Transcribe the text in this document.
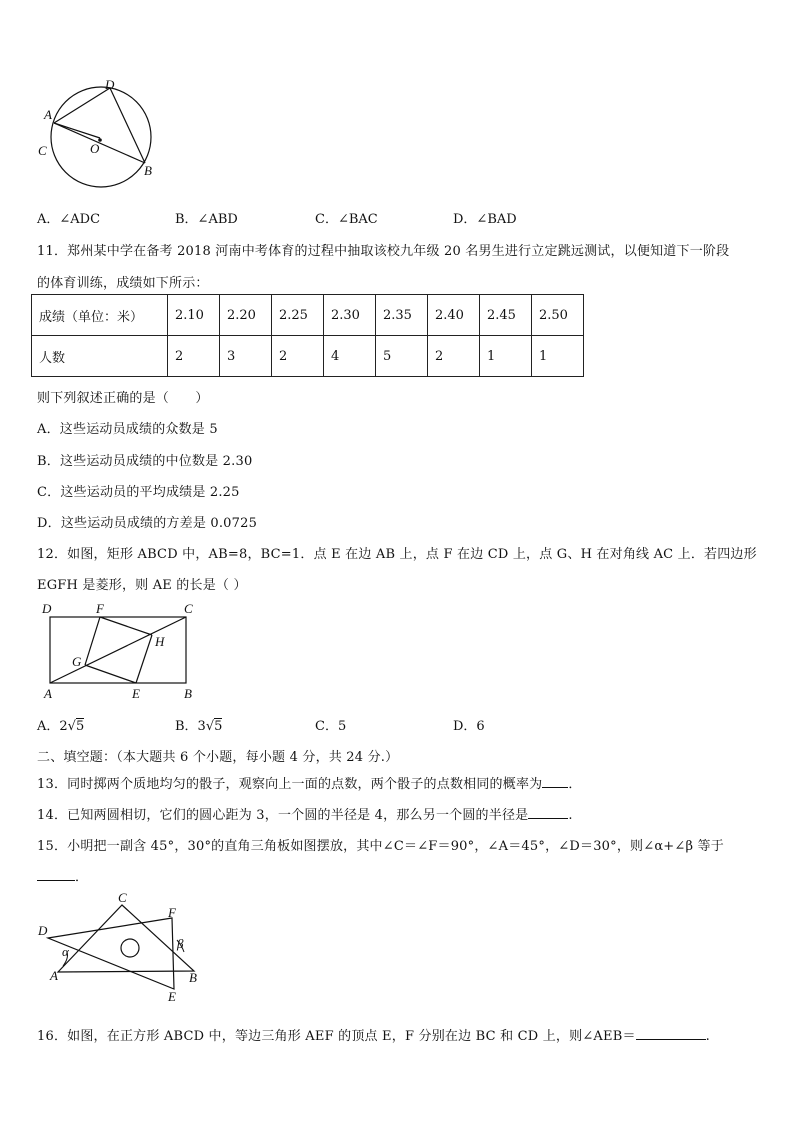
D
A
C	O
B
A．∠ADC	B．∠ABD	C．∠BAC	D．∠BAD
11．郑州某中学在备考 2018 河南中考体育的过程中抽取该校九年级 20 名男生进行立定跳远测试，以便知道下一阶段
的体育训练，成绩如下所示：
成绩（单位：米）	2.10	2.20	2.25	2.30	2.35	2.40	2.45	2.50
人数	2	3	2	4	5	2	1	1
则下列叙述正确的是（　　）
A．这些运动员成绩的众数是 5
B．这些运动员成绩的中位数是 2.30
C．这些运动员的平均成绩是 2.25
D．这些运动员成绩的方差是 0.0725
12．如图，矩形 ABCD 中，AB=8，BC=1．点 E 在边 AB 上，点 F 在边 CD 上，点 G、H 在对角线 AC 上．若四边形
EGFH 是菱形，则 AE 的长是（ ）
D	F	C
H
G
A	E	B
A．2√5	B．3√5	C．5	D．6
二、填空题：（本大题共 6 个小题，每小题 4 分，共 24 分.）
13．同时掷两个质地均匀的骰子，观察向上一面的点数，两个骰子的点数相同的概率为 ．
14．已知两圆相切，它们的圆心距为 3，一个圆的半径是 4，那么另一个圆的半径是	.
15．小明把一副含 45°，30°的直角三角板如图摆放，其中∠C＝∠F＝90°，∠A＝45°，∠D＝30°，则∠α+∠β 等于
．
C
F
D
α
β
A	B
E
16．如图，在正方形 ABCD 中，等边三角形 AEF 的顶点 E，F 分别在边 BC 和 CD 上，则∠AEB＝	.
